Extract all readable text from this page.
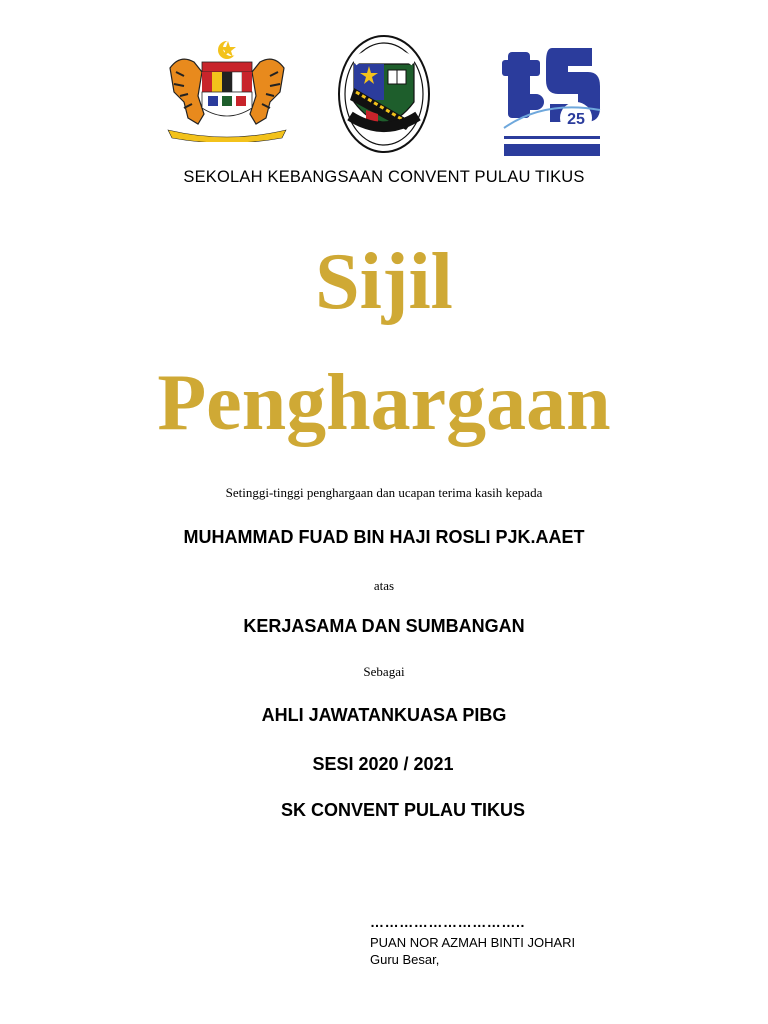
25
SEKOLAH KEBANGSAAN CONVENT PULAU TIKUS
Sijil
Penghargaan
Setinggi-tinggi penghargaan dan ucapan terima kasih kepada
MUHAMMAD FUAD BIN HAJI ROSLI PJK.AAET
atas
KERJASAMA DAN SUMBANGAN
Sebagai
AHLI JAWATANKUASA PIBG
SESI 2020 / 2021
SK CONVENT PULAU TIKUS
…………………………..
PUAN NOR AZMAH BINTI JOHARI
Guru Besar,
